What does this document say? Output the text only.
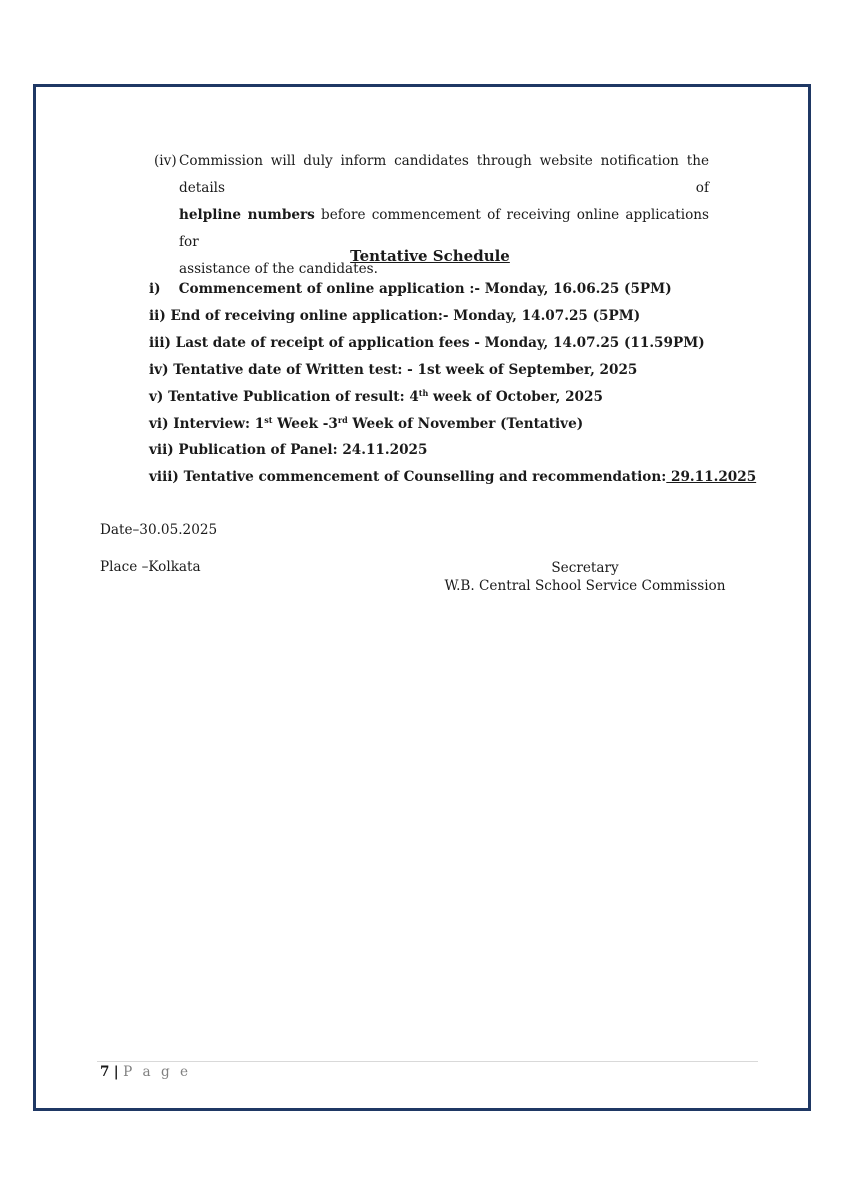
(iv) Commission will duly inform candidates through website notification the details of
helpline numbers before commencement of receiving online applications for
assistance of the candidates.
Tentative Schedule
i) Commencement of online application :- Monday, 16.06.25 (5PM)
ii) End of receiving online application:- Monday, 14.07.25 (5PM)
iii) Last date of receipt of application fees - Monday, 14.07.25 (11.59PM)
iv) Tentative date of Written test: - 1st week of September, 2025
v) Tentative Publication of result: 4th week of October, 2025
vi) Interview: 1st Week -3rd Week of November (Tentative)
vii) Publication of Panel: 24.11.2025
viii) Tentative commencement of Counselling and recommendation: 29.11.2025
Date–30.05.2025
Place –Kolkata	Secretary
W.B. Central School Service Commission
7 | P a g e
